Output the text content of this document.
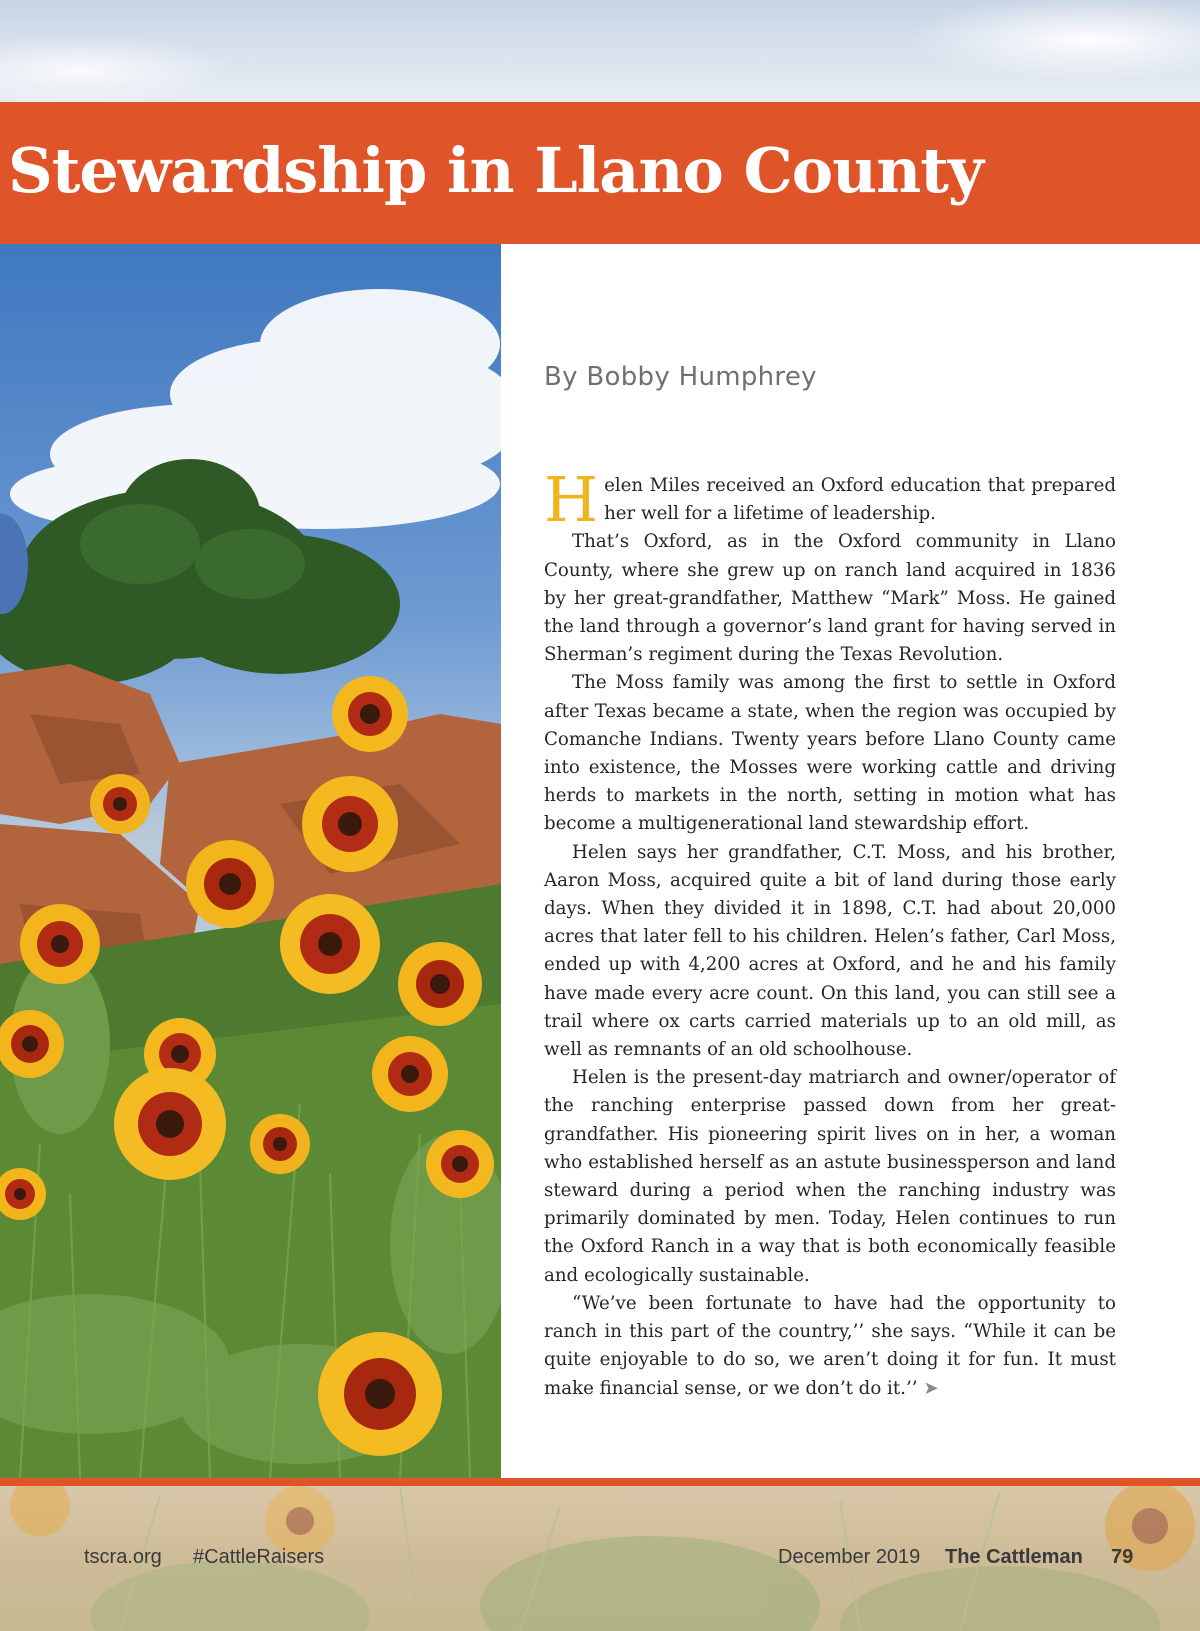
Stewardship in Llano County
By Bobby Humphrey

Helen Miles received an Oxford education that prepared her well for a lifetime of leadership.

That’s Oxford, as in the Oxford community in Llano County, where she grew up on ranch land acquired in 1836 by her great-grandfather, Matthew “Mark” Moss. He gained the land through a governor’s land grant for having served in Sherman’s regiment during the Texas Revolution.

The Moss family was among the first to settle in Oxford after Texas became a state, when the region was occupied by Comanche Indians. Twenty years before Llano County came into existence, the Mosses were working cattle and driving herds to markets in the north, setting in motion what has become a multigenerational land stewardship effort.

Helen says her grandfather, C.T. Moss, and his brother, Aaron Moss, acquired quite a bit of land during those early days. When they divided it in 1898, C.T. had about 20,000 acres that later fell to his children. Helen’s father, Carl Moss, ended up with 4,200 acres at Oxford, and he and his family have made every acre count. On this land, you can still see a trail where ox carts carried materials up to an old mill, as well as remnants of an old schoolhouse.

Helen is the present-day matriarch and owner/operator of the ranching enterprise passed down from her great-grandfather. His pioneering spirit lives on in her, a woman who established herself as an astute businessperson and land steward during a period when the ranching industry was primarily dominated by men. Today, Helen continues to run the Oxford Ranch in a way that is both economically feasible and ecologically sustainable.

“We’ve been fortunate to have had the opportunity to ranch in this part of the country,’’ she says. “While it can be quite enjoyable to do so, we aren’t doing it for fun. It must make financial sense, or we don’t do it.’’ ➤

tscra.org #CattleRaisers	December 2019 The Cattleman 79
